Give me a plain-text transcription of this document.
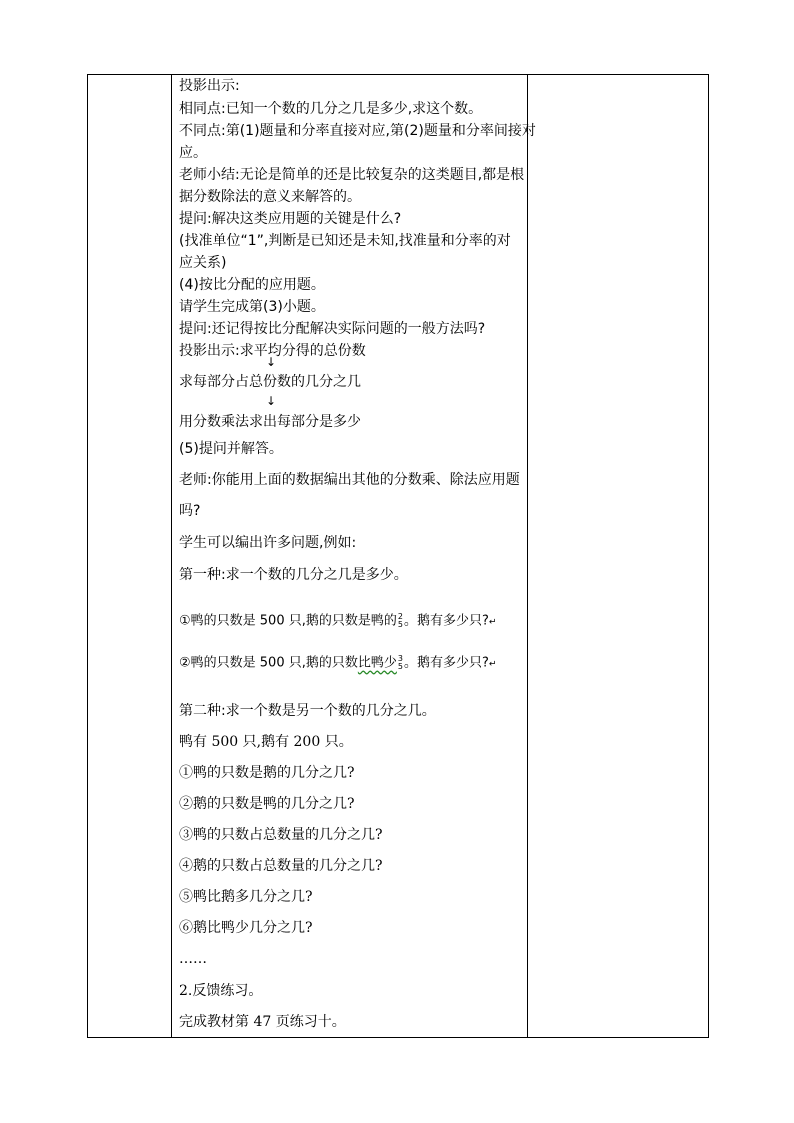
投影出示:
相同点:已知一个数的几分之几是多少,求这个数。
不同点:第(1)题量和分率直接对应,第(2)题量和分率间接对
应。
老师小结:无论是简单的还是比较复杂的这类题目,都是根
据分数除法的意义来解答的。
提问:解决这类应用题的关键是什么?
(找准单位“1”,判断是已知还是未知,找准量和分率的对
应关系)
(4)按比分配的应用题。
请学生完成第(3)小题。
提问:还记得按比分配解决实际问题的一般方法吗?
投影出示:求平均分得的总份数
↓
求每部分占总份数的几分之几
↓
用分数乘法求出每部分是多少
(5)提问并解答。
老师:你能用上面的数据编出其他的分数乘、除法应用题
吗?
学生可以编出许多问题,例如:
第一种:求一个数的几分之几是多少。
①鸭的只数是 500 只,鹅的只数是鸭的 2
5 。鹅有多少只?↵
②鸭的只数是 500 只,鹅的只数比鸭少 3
5 。鹅有多少只?↵
第二种:求一个数是另一个数的几分之几。
鸭有 500 只,鹅有 200 只。
①鸭的只数是鹅的几分之几?
②鹅的只数是鸭的几分之几?
③鸭的只数占总数量的几分之几?
④鹅的只数占总数量的几分之几?
⑤鸭比鹅多几分之几?
⑥鹅比鸭少几分之几?
……
2.反馈练习。
完成教材第 47 页练习十。
